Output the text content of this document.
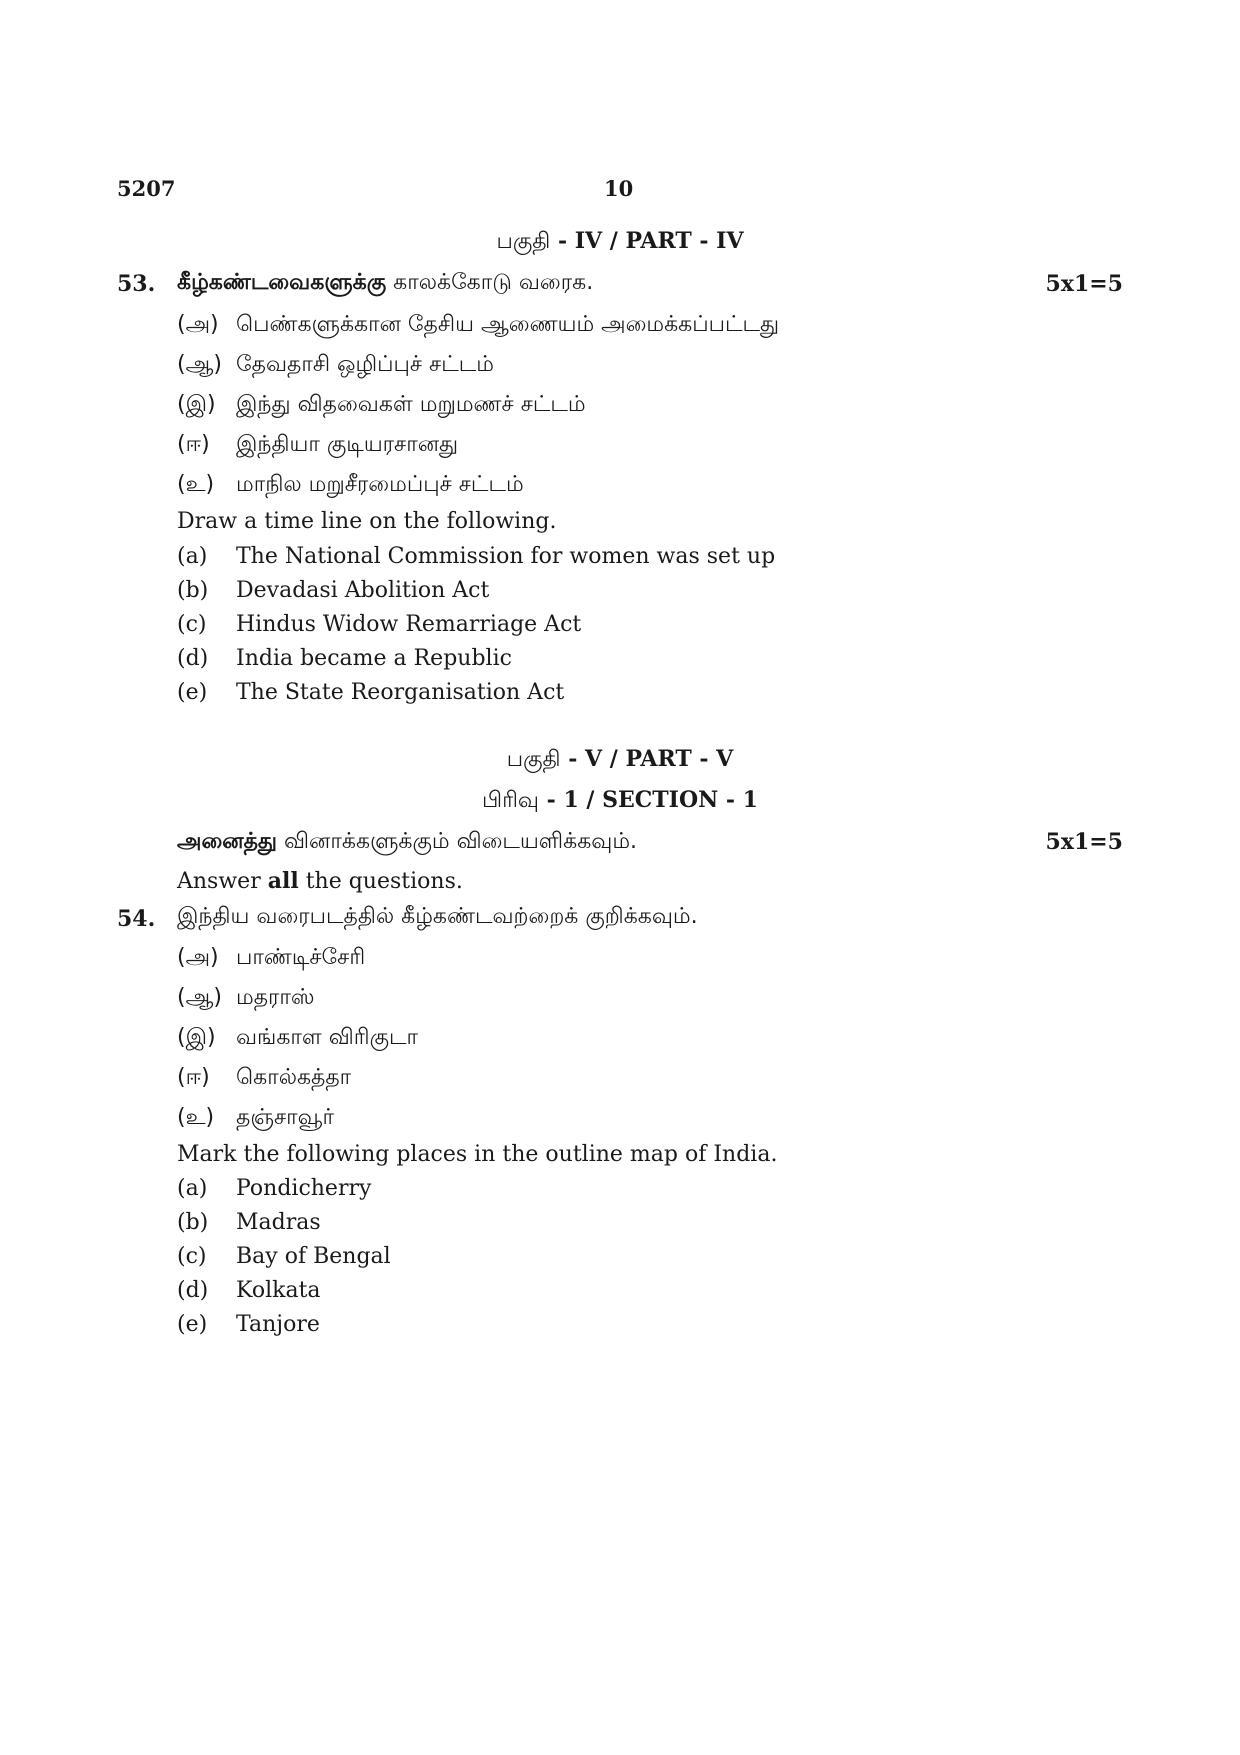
5207	10
பகுதி - IV / PART - IV
53. கீழ்கண்டவைகளுக்கு காலக்கோடு வரைக.	5x1=5
(அ) பெண்களுக்கான தேசிய ஆணையம் அமைக்கப்பட்டது
(ஆ) தேவதாசி ஒழிப்புச் சட்டம்
(இ) இந்து விதவைகள் மறுமணச் சட்டம்
(ஈ) இந்தியா குடியரசானது
(உ) மாநில மறுசீரமைப்புச் சட்டம்
Draw a time line on the following.
(a) The National Commission for women was set up
(b) Devadasi Abolition Act
(c) Hindus Widow Remarriage Act
(d) India became a Republic
(e) The State Reorganisation Act
பகுதி - V / PART - V
பிரிவு - 1 / SECTION - 1
அனைத்து வினாக்களுக்கும் விடையளிக்கவும்.	5x1=5
Answer all the questions.
54. இந்திய வரைபடத்தில் கீழ்கண்டவற்றைக் குறிக்கவும்.
(அ) பாண்டிச்சேரி
(ஆ) மதராஸ்
(இ) வங்காள விரிகுடா
(ஈ) கொல்கத்தா
(உ) தஞ்சாவூர்
Mark the following places in the outline map of India.
(a) Pondicherry
(b) Madras
(c) Bay of Bengal
(d) Kolkata
(e) Tanjore
